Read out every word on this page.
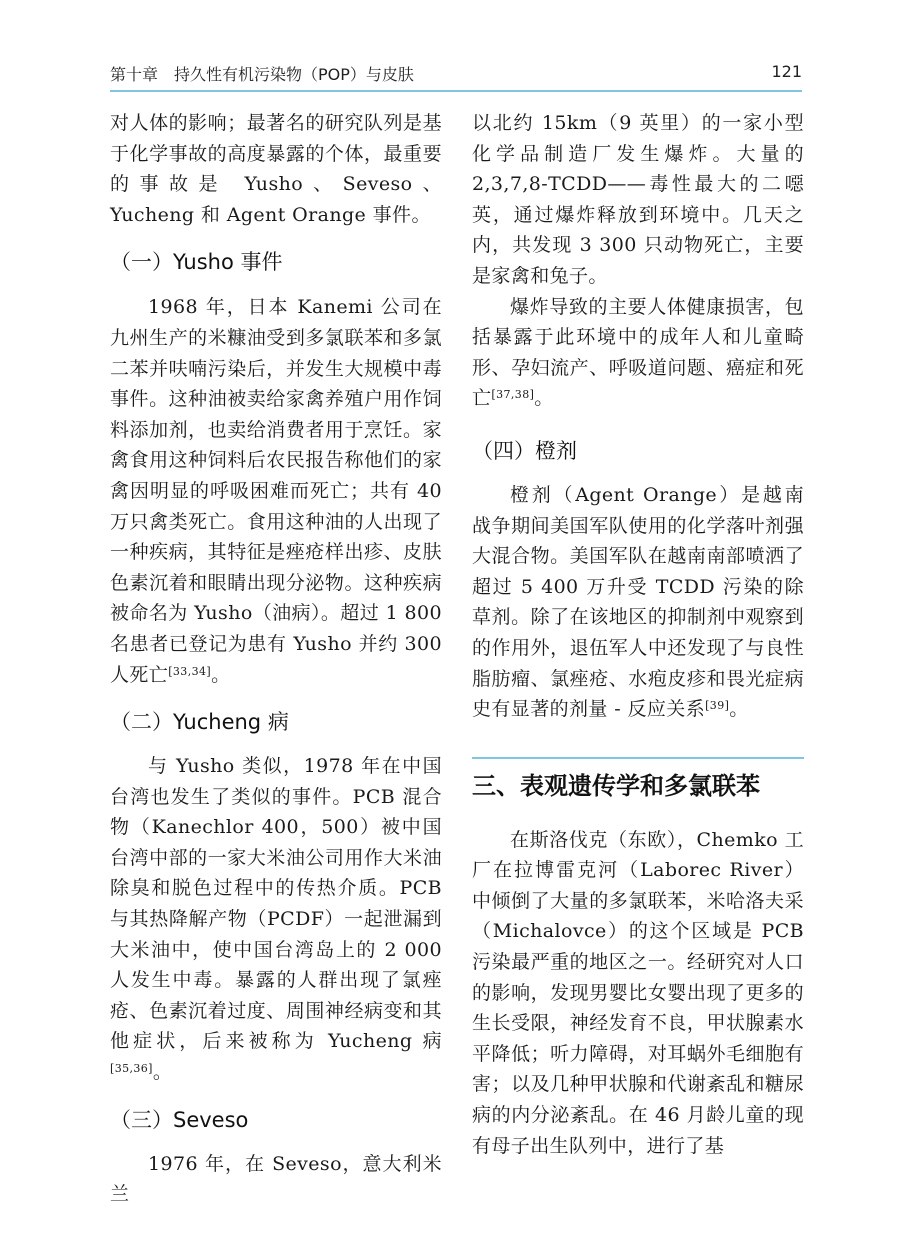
第十章　持久性有机污染物（POP）与皮肤	121

对人体的影响；最著名的研究队列是基于化学事故的高度暴露的个体，最重要的事故是 Yusho、Seveso、Yucheng 和 Agent Orange 事件。

（一）Yusho 事件

1968 年，日本 Kanemi 公司在九州生产的米糠油受到多氯联苯和多氯二苯并呋喃污染后，并发生大规模中毒事件。这种油被卖给家禽养殖户用作饲料添加剂，也卖给消费者用于烹饪。家禽食用这种饲料后农民报告称他们的家禽因明显的呼吸困难而死亡；共有 40 万只禽类死亡。食用这种油的人出现了一种疾病，其特征是痤疮样出疹、皮肤色素沉着和眼睛出现分泌物。这种疾病被命名为 Yusho（油病）。超过 1 800 名患者已登记为患有 Yusho 并约 300 人死亡[33,34]。

（二）Yucheng 病

与 Yusho 类似，1978 年在中国台湾也发生了类似的事件。PCB 混合物（Kanechlor 400，500）被中国台湾中部的一家大米油公司用作大米油除臭和脱色过程中的传热介质。PCB 与其热降解产物（PCDF）一起泄漏到大米油中，使中国台湾岛上的 2 000 人发生中毒。暴露的人群出现了氯痤疮、色素沉着过度、周围神经病变和其他症状，后来被称为 Yucheng 病[35,36]。

（三）Seveso

1976 年，在 Seveso，意大利米兰

以北约 15km（9 英里）的一家小型化学品制造厂发生爆炸。大量的 2,3,7,8-TCDD——毒性最大的二噁英，通过爆炸释放到环境中。几天之内，共发现 3 300 只动物死亡，主要是家禽和兔子。

爆炸导致的主要人体健康损害，包括暴露于此环境中的成年人和儿童畸形、孕妇流产、呼吸道问题、癌症和死亡[37,38]。

（四）橙剂

橙剂（Agent Orange）是越南战争期间美国军队使用的化学落叶剂强大混合物。美国军队在越南南部喷洒了超过 5 400 万升受 TCDD 污染的除草剂。除了在该地区的抑制剂中观察到的作用外，退伍军人中还发现了与良性脂肪瘤、氯痤疮、水疱皮疹和畏光症病史有显著的剂量 - 反应关系[39]。

三、表观遗传学和多氯联苯

在斯洛伐克（东欧），Chemko 工厂在拉博雷克河（Laborec River）中倾倒了大量的多氯联苯，米哈洛夫采（Michalovce）的这个区域是 PCB 污染最严重的地区之一。经研究对人口的影响，发现男婴比女婴出现了更多的生长受限，神经发育不良，甲状腺素水平降低；听力障碍，对耳蜗外毛细胞有害；以及几种甲状腺和代谢紊乱和糖尿病的内分泌紊乱。在 46 月龄儿童的现有母子出生队列中，进行了基
